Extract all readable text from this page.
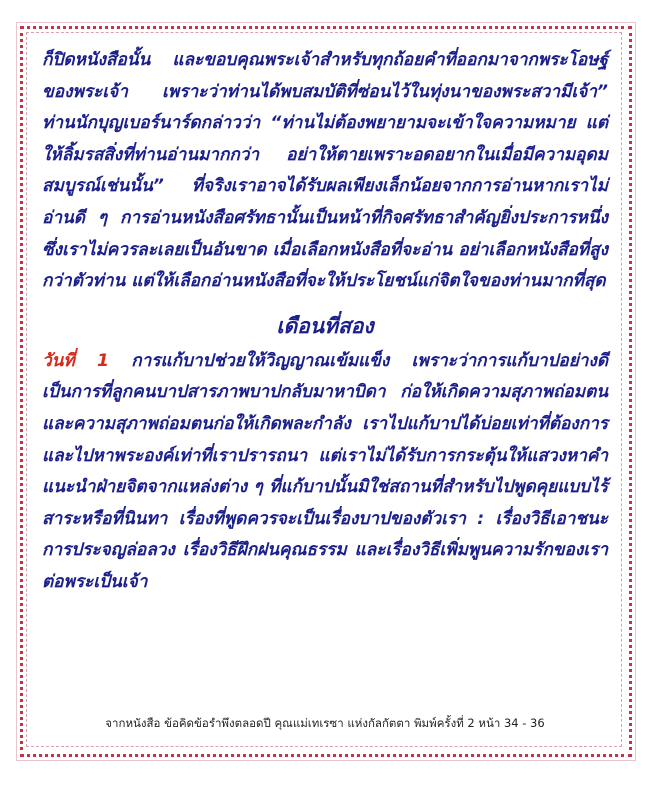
ก็ปิดหนังสือนั้น และขอบคุณพระเจ้าสำหรับทุกถ้อยคำที่ออกมาจากพระโอษฐ์ของพระเจ้า เพราะว่าท่านได้พบสมบัติที่ซ่อนไว้ในทุ่งนาของพระสวามีเจ้า” ท่านนักบุญเบอร์นาร์ดกล่าวว่า “ท่านไม่ต้องพยายามจะเข้าใจความหมาย แต่ให้ลิ้มรสสิ่งที่ท่านอ่านมากกว่า อย่าให้ตายเพราะอดอยากในเมื่อมีความอุดมสมบูรณ์เช่นนั้น” ที่จริงเราอาจได้รับผลเพียงเล็กน้อยจากการอ่านหากเราไม่อ่านดี ๆ การอ่านหนังสือศรัทธานั้นเป็นหน้าที่กิจศรัทธาสำคัญยิ่งประการหนึ่งซึ่งเราไม่ควรละเลยเป็นอันขาด เมื่อเลือกหนังสือที่จะอ่าน อย่าเลือกหนังสือที่สูงกว่าตัวท่าน แต่ให้เลือกอ่านหนังสือที่จะให้ประโยชน์แก่จิตใจของท่านมากที่สุด

เดือนที่สอง

วันที่ 1 การแก้บาปช่วยให้วิญญาณเข้มแข็ง เพราะว่าการแก้บาปอย่างดีเป็นการที่ลูกคนบาปสารภาพบาปกลับมาหาบิดา ก่อให้เกิดความสุภาพถ่อมตน และความสุภาพถ่อมตนก่อให้เกิดพละกำลัง เราไปแก้บาปได้บ่อยเท่าที่ต้องการและไปหาพระองค์เท่าที่เราปรารถนา แต่เราไม่ได้รับการกระตุ้นให้แสวงหาคำแนะนำฝ่ายจิตจากแหล่งต่าง ๆ ที่แก้บาปนั้นมิใช่สถานที่สำหรับไปพูดคุยแบบไร้สาระหรือที่นินทา เรื่องที่พูดควรจะเป็นเรื่องบาปของตัวเรา : เรื่องวิธีเอาชนะการประจญล่อลวง เรื่องวิธีฝึกฝนคุณธรรม และเรื่องวิธีเพิ่มพูนความรักของเราต่อพระเป็นเจ้า

จากหนังสือ ข้อคิดข้อรำพึงตลอดปี คุณแม่เทเรซา แห่งกัลกัตตา พิมพ์ครั้งที่ 2 หน้า 34 - 36
